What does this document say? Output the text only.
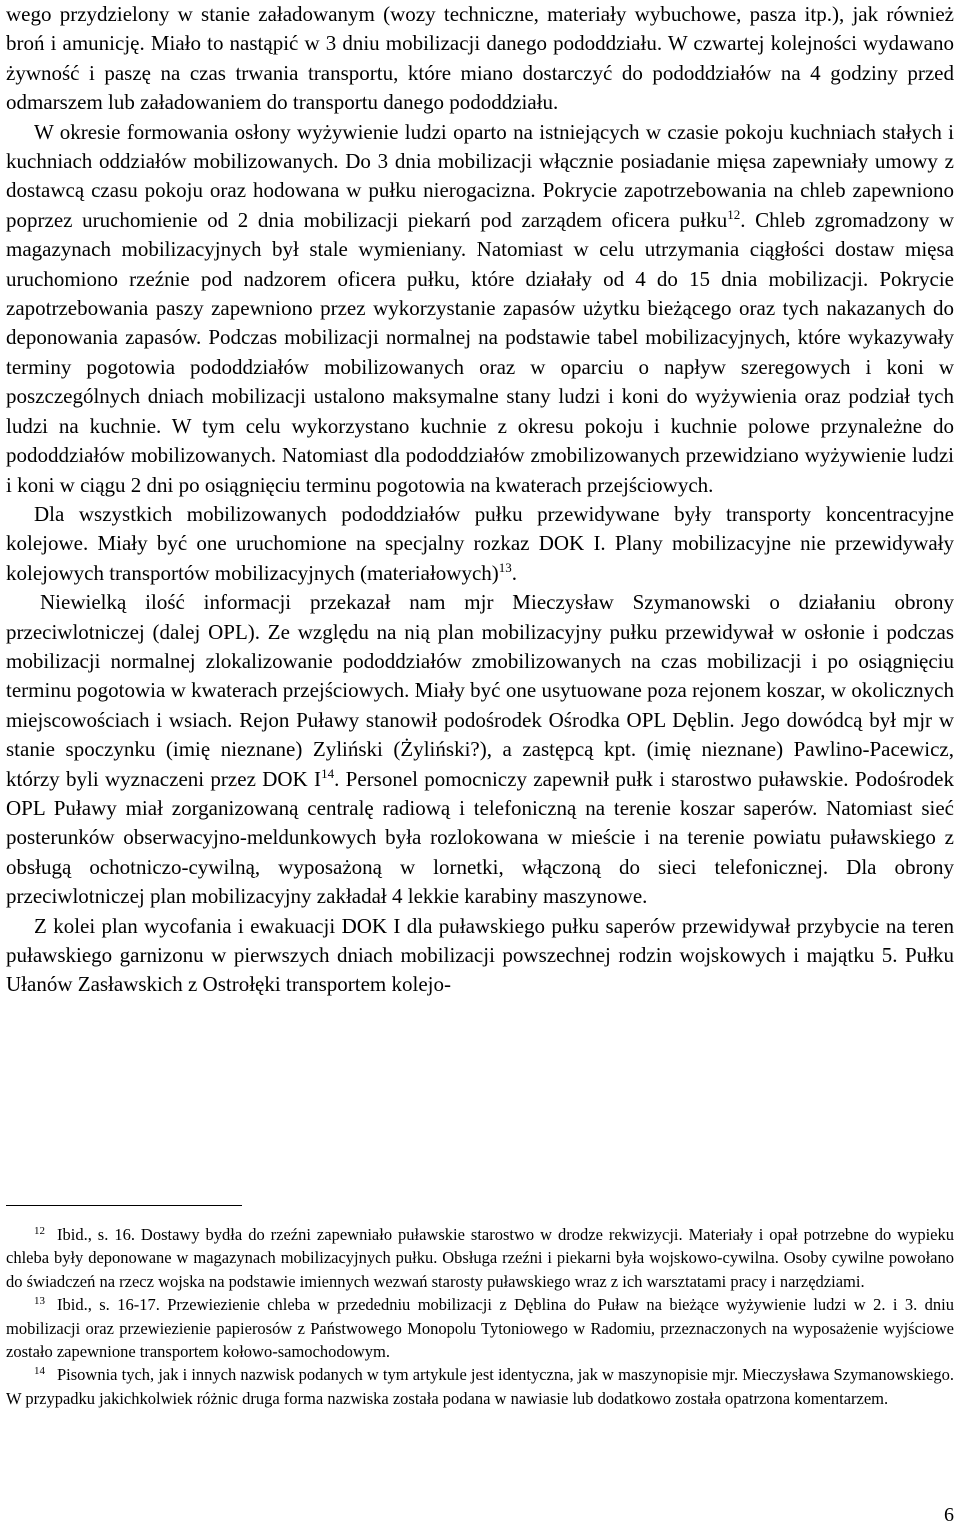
wego przydzielony w stanie załadowanym (wozy techniczne, materiały wybuchowe, pasza itp.), jak również broń i amunicję. Miało to nastąpić w 3 dniu mobilizacji danego pododdziału. W czwartej kolejności wydawano żywność i paszę na czas trwania transportu, które miano dostarczyć do pododdziałów na 4 godziny przed odmarszem lub załadowaniem do transportu danego pododdziału.

W okresie formowania osłony wyżywienie ludzi oparto na istniejących w czasie pokoju kuchniach stałych i kuchniach oddziałów mobilizowanych. Do 3 dnia mobilizacji włącznie posiadanie mięsa zapewniały umowy z dostawcą czasu pokoju oraz hodowana w pułku nierogacizna. Pokrycie zapotrzebowania na chleb zapewniono poprzez uruchomienie od 2 dnia mobilizacji piekarń pod zarządem oficera pułku$^{12}$. Chleb zgromadzony w magazynach mobilizacyjnych był stale wymieniany. Natomiast w celu utrzymania ciągłości dostaw mięsa uruchomiono rzeźnie pod nadzorem oficera pułku, które działały od 4 do 15 dnia mobilizacji. Pokrycie zapotrzebowania paszy zapewniono przez wykorzystanie zapasów użytku bieżącego oraz tych nakazanych do deponowania zapasów. Podczas mobilizacji normalnej na podstawie tabel mobilizacyjnych, które wykazywały terminy pogotowia pododdziałów mobilizowanych oraz w oparciu o napływ szeregowych i koni w poszczególnych dniach mobilizacji ustalono maksymalne stany ludzi i koni do wyżywienia oraz podział tych ludzi na kuchnie. W tym celu wykorzystano kuchnie z okresu pokoju i kuchnie polowe przynależne do pododdziałów mobilizowanych. Natomiast dla pododdziałów zmobilizowanych przewidziano wyżywienie ludzi i koni w ciągu 2 dni po osiągnięciu terminu pogotowia na kwaterach przejściowych.

Dla wszystkich mobilizowanych pododdziałów pułku przewidywane były transporty koncentracyjne kolejowe. Miały być one uruchomione na specjalny rozkaz DOK I. Plany mobilizacyjne nie przewidywały kolejowych transportów mobilizacyjnych (materiałowych)$^{13}$.

Niewielką ilość informacji przekazał nam mjr Mieczysław Szymanowski o działaniu obrony przeciwlotniczej (dalej OPL). Ze względu na nią plan mobilizacyjny pułku przewidywał w osłonie i podczas mobilizacji normalnej zlokalizowanie pododdziałów zmobilizowanych na czas mobilizacji i po osiągnięciu terminu pogotowia w kwaterach przejściowych. Miały być one usytuowane poza rejonem koszar, w okolicznych miejscowościach i wsiach. Rejon Puławy stanowił podośrodek Ośrodka OPL Dęblin. Jego dowódcą był mjr w stanie spoczynku (imię nieznane) Zyliński (Żyliński?), a zastępcą kpt. (imię nieznane) Pawlino-Pacewicz, którzy byli wyznaczeni przez DOK $I^{14}$. Personel pomocniczy zapewnił pułk i starostwo puławskie. Podośrodek OPL Puławy miał zorganizowaną centralę radiową i telefoniczną na terenie koszar saperów. Natomiast sieć posterunków obserwacyjno-meldunkowych była rozlokowana w mieście i na terenie powiatu puławskiego z obsługą ochotniczo-cywilną, wyposażoną w lornetki, włączoną do sieci telefonicznej. Dla obrony przeciwlotniczej plan mobilizacyjny zakładał 4 lekkie karabiny maszynowe.

Z kolei plan wycofania i ewakuacji DOK I dla puławskiego pułku saperów przewidywał przybycie na teren puławskiego garnizonu w pierwszych dniach mobilizacji powszechnej rodzin wojskowych i majątku 5. Pułku Ułanów Zasławskich z Ostrołęki transportem kolejo-

$^{12}$ Ibid., s. 16. Dostawy bydła do rzeźni zapewniało puławskie starostwo w drodze rekwizycji. Materiały i opał potrzebne do wypieku chleba były deponowane w magazynach mobilizacyjnych pułku. Obsługa rzeźni i piekarni była wojskowo-cywilna. Osoby cywilne powołano do świadczeń na rzecz wojska na podstawie imiennych wezwań starosty puławskiego wraz z ich warsztatami pracy i narzędziami.

$^{13}$ Ibid., s. 16-17. Przewiezienie chleba w przededniu mobilizacji z Dęblina do Puław na bieżące wyżywienie ludzi w 2. i 3. dniu mobilizacji oraz przewiezienie papierosów z Państwowego Monopolu Tytoniowego w Radomiu, przeznaczonych na wyposażenie wyjściowe zostało zapewnione transportem kołowo-samochodowym.

$^{14}$ Pisownia tych, jak i innych nazwisk podanych w tym artykule jest identyczna, jak w maszynopisie mjr. Mieczysława Szymanowskiego. W przypadku jakichkolwiek różnic druga forma nazwiska została podana w nawiasie lub dodatkowo została opatrzona komentarzem.

6
